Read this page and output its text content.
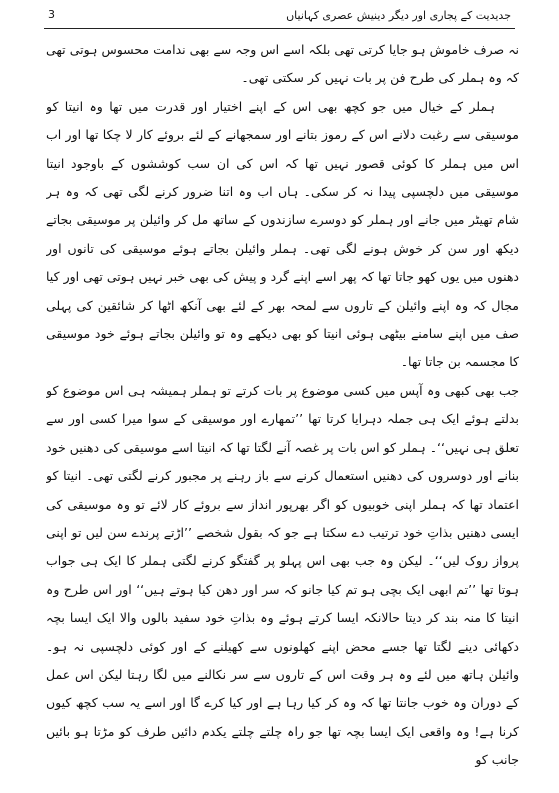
جدیدیت کے پجاری اور دیگر دینیش عصری کہانیاں
3

نہ صرف خاموش ہو جایا کرتی تھی بلکہ اسے اس وجہ سے بھی ندامت محسوس ہوتی تھی کہ وہ ہملر کی طرح فن پر بات نہیں کر سکتی تھی۔

ہملر کے خیال میں جو کچھ بھی اس کے اپنے اختیار اور قدرت میں تھا وہ انیتا کو موسیقی سے رغبت دلانے اس کے رموز بتانے اور سمجھانے کے لئے بروئے کار لا چکا تھا اور اب اس میں ہملر کا کوئی قصور نہیں تھا کہ اس کی ان سب کوششوں کے باوجود انیتا موسیقی میں دلچسپی پیدا نہ کر سکی۔ ہاں اب وہ اتنا ضرور کرنے لگی تھی کہ وہ ہر شام تھیٹر میں جانے اور ہملر کو دوسرے سازندوں کے ساتھ مل کر وائیلن پر موسیقی بجاتے دیکھ اور سن کر خوش ہونے لگی تھی۔ ہملر وائیلن بجاتے ہوئے موسیقی کی تانوں اور دھنوں میں یوں کھو جاتا تھا کہ پھر اسے اپنے گرد و پیش کی بھی خبر نہیں ہوتی تھی اور کیا مجال کہ وہ اپنے وائیلن کے تاروں سے لمحہ بھر کے لئے بھی آنکھ اٹھا کر شائقین کی پہلی صف میں اپنے سامنے بیٹھی ہوئی انیتا کو بھی دیکھے وہ تو وائیلن بجاتے ہوئے خود موسیقی کا مجسمہ بن جاتا تھا۔

جب بھی کبھی وہ آپس میں کسی موضوع پر بات کرتے تو ہملر ہمیشہ ہی اس موضوع کو بدلتے ہوئے ایک ہی جملہ دہرایا کرتا تھا ’’تمھارے اور موسیقی کے سوا میرا کسی اور سے تعلق ہی نہیں‘‘۔ ہملر کو اس بات پر غصہ آنے لگتا تھا کہ انیتا اسے موسیقی کی دھنیں خود بنانے اور دوسروں کی دھنیں استعمال کرنے سے باز رہنے پر مجبور کرنے لگتی تھی۔ انیتا کو اعتماد تھا کہ ہملر اپنی خوبیوں کو اگر بھرپور انداز سے بروئے کار لائے تو وہ موسیقی کی ایسی دھنیں بذاتِ خود ترتیب دے سکتا ہے جو کہ بقول شخصے ’’اڑتے پرندے سن لیں تو اپنی پرواز روک لیں‘‘۔ لیکن وہ جب بھی اس پہلو پر گفتگو کرنے لگتی ہملر کا ایک ہی جواب ہوتا تھا ’’تم ابھی ایک بچی ہو تم کیا جانو کہ سر اور دھن کیا ہوتے ہیں‘‘ اور اس طرح وہ انیتا کا منہ بند کر دیتا حالانکہ ایسا کرتے ہوئے وہ بذاتِ خود سفید بالوں والا ایک ایسا بچہ دکھائی دینے لگتا تھا جسے محض اپنے کھلونوں سے کھیلنے کے اور کوئی دلچسپی نہ ہو۔ وائیلن ہاتھ میں لئے وہ ہر وقت اس کے تاروں سے سر نکالنے میں لگا رہتا لیکن اس عمل کے دوران وہ خوب جانتا تھا کہ وہ کر کیا رہا ہے اور کیا کرے گا اور اسے یہ سب کچھ کیوں کرنا ہے! وہ واقعی ایک ایسا بچہ تھا جو راہ چلتے چلتے یکدم دائیں طرف کو مڑتا ہو بائیں جانب کو
